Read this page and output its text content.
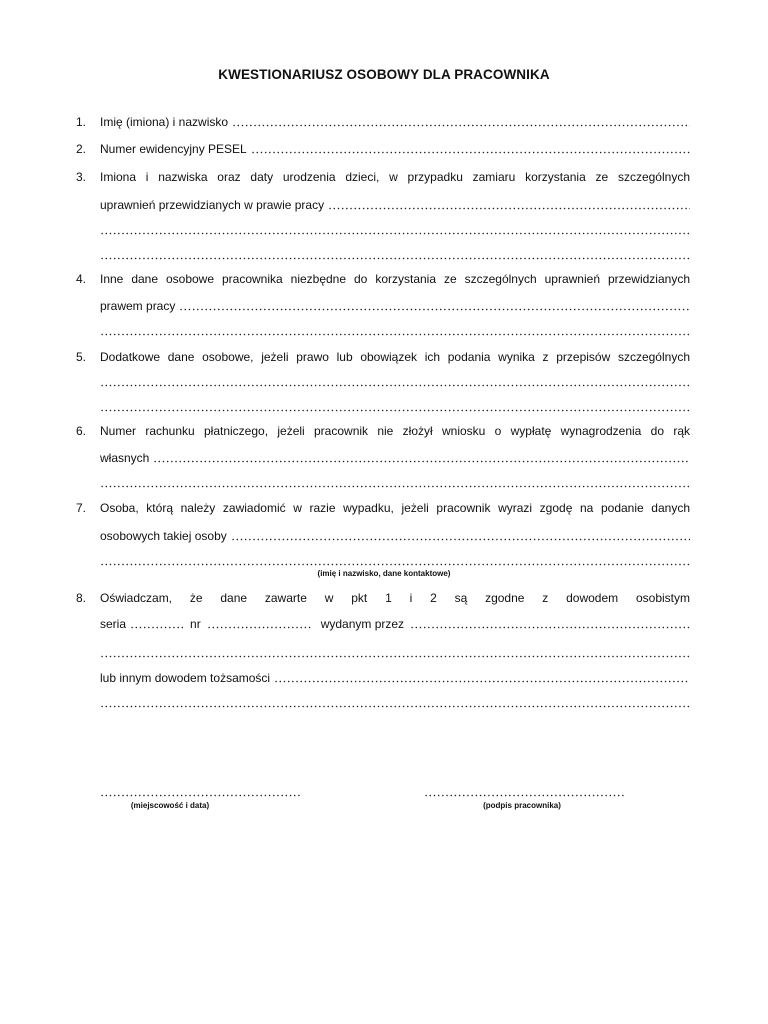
KWESTIONARIUSZ OSOBOWY DLA PRACOWNIKA
1. Imię (imiona) i nazwisko
2. Numer ewidencyjny PESEL
3. Imiona i nazwiska oraz daty urodzenia dzieci, w przypadku zamiaru korzystania ze szczególnych
uprawnień przewidzianych w prawie pracy
4. Inne dane osobowe pracownika niezbędne do korzystania ze szczególnych uprawnień przewidzianych
prawem pracy
5. Dodatkowe dane osobowe, jeżeli prawo lub obowiązek ich podania wynika z przepisów szczególnych
6. Numer rachunku płatniczego, jeżeli pracownik nie złożył wniosku o wypłatę wynagrodzenia do rąk
własnych
7. Osoba, którą należy zawiadomić w razie wypadku, jeżeli pracownik wyrazi zgodę na podanie danych
osobowych takiej osoby
(imię i nazwisko, dane kontaktowe)
8. Oświadczam, że dane zawarte w pkt 1 i 2 są zgodne z dowodem osobistym
seria	nr	wydanym przez
lub innym dowodem tożsamości
(miejscowość i data)	(podpis pracownika)
